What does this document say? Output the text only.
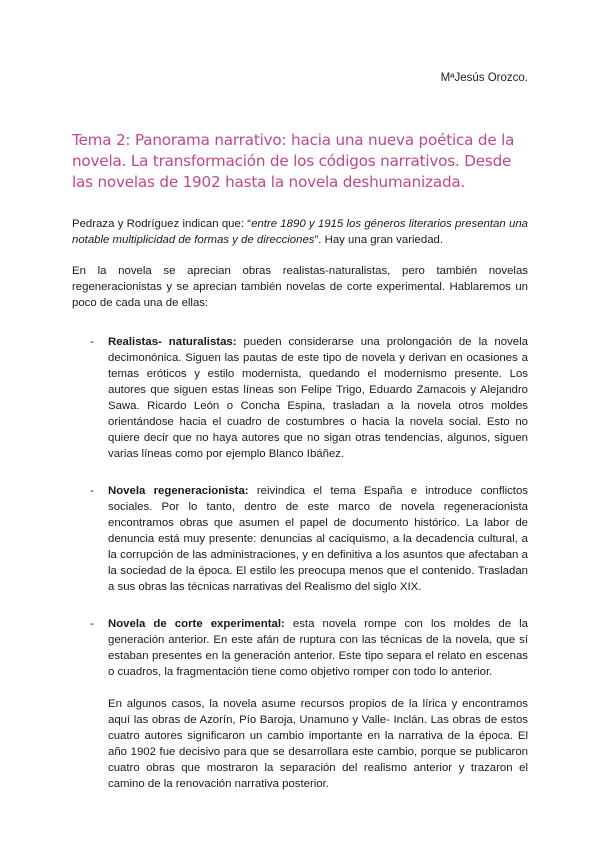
MªJesús Orozco.
Tema 2: Panorama narrativo: hacia una nueva poética de la novela. La transformación de los códigos narrativos. Desde las novelas de 1902 hasta la novela deshumanizada.

Pedraza y Rodríguez indican que: “entre 1890 y 1915 los géneros literarios presentan una notable multiplicidad de formas y de direcciones”. Hay una gran variedad.

En la novela se aprecian obras realistas-naturalistas, pero también novelas regeneracionistas y se aprecian también novelas de corte experimental. Hablaremos un poco de cada una de ellas:

- Realistas- naturalistas: pueden considerarse una prolongación de la novela decimonónica. Siguen las pautas de este tipo de novela y derivan en ocasiones a temas eróticos y estilo modernista, quedando el modernismo presente. Los autores que siguen estas líneas son Felipe Trigo, Eduardo Zamacois y Alejandro Sawa. Ricardo León o Concha Espina, trasladan a la novela otros moldes orientándose hacia el cuadro de costumbres o hacia la novela social. Esto no quiere decir que no haya autores que no sigan otras tendencias, algunos, siguen varias líneas como por ejemplo Blanco Ibáñez.

- Novela regeneracionista: reivindica el tema España e introduce conflictos sociales. Por lo tanto, dentro de este marco de novela regeneracionista encontramos obras que asumen el papel de documento histórico. La labor de denuncia está muy presente: denuncias al caciquismo, a la decadencia cultural, a la corrupción de las administraciones, y en definitiva a los asuntos que afectaban a la sociedad de la época. El estilo les preocupa menos que el contenido. Trasladan a sus obras las técnicas narrativas del Realismo del siglo XIX.

- Novela de corte experimental: esta novela rompe con los moldes de la generación anterior. En este afán de ruptura con las técnicas de la novela, que sí estaban presentes en la generación anterior. Este tipo separa el relato en escenas o cuadros, la fragmentación tiene como objetivo romper con todo lo anterior.

En algunos casos, la novela asume recursos propios de la lírica y encontramos aquí las obras de Azorín, Pío Baroja, Unamuno y Valle- Inclán. Las obras de estos cuatro autores significaron un cambio importante en la narrativa de la época. El año 1902 fue decisivo para que se desarrollara este cambio, porque se publicaron cuatro obras que mostraron la separación del realismo anterior y trazaron el camino de la renovación narrativa posterior.
